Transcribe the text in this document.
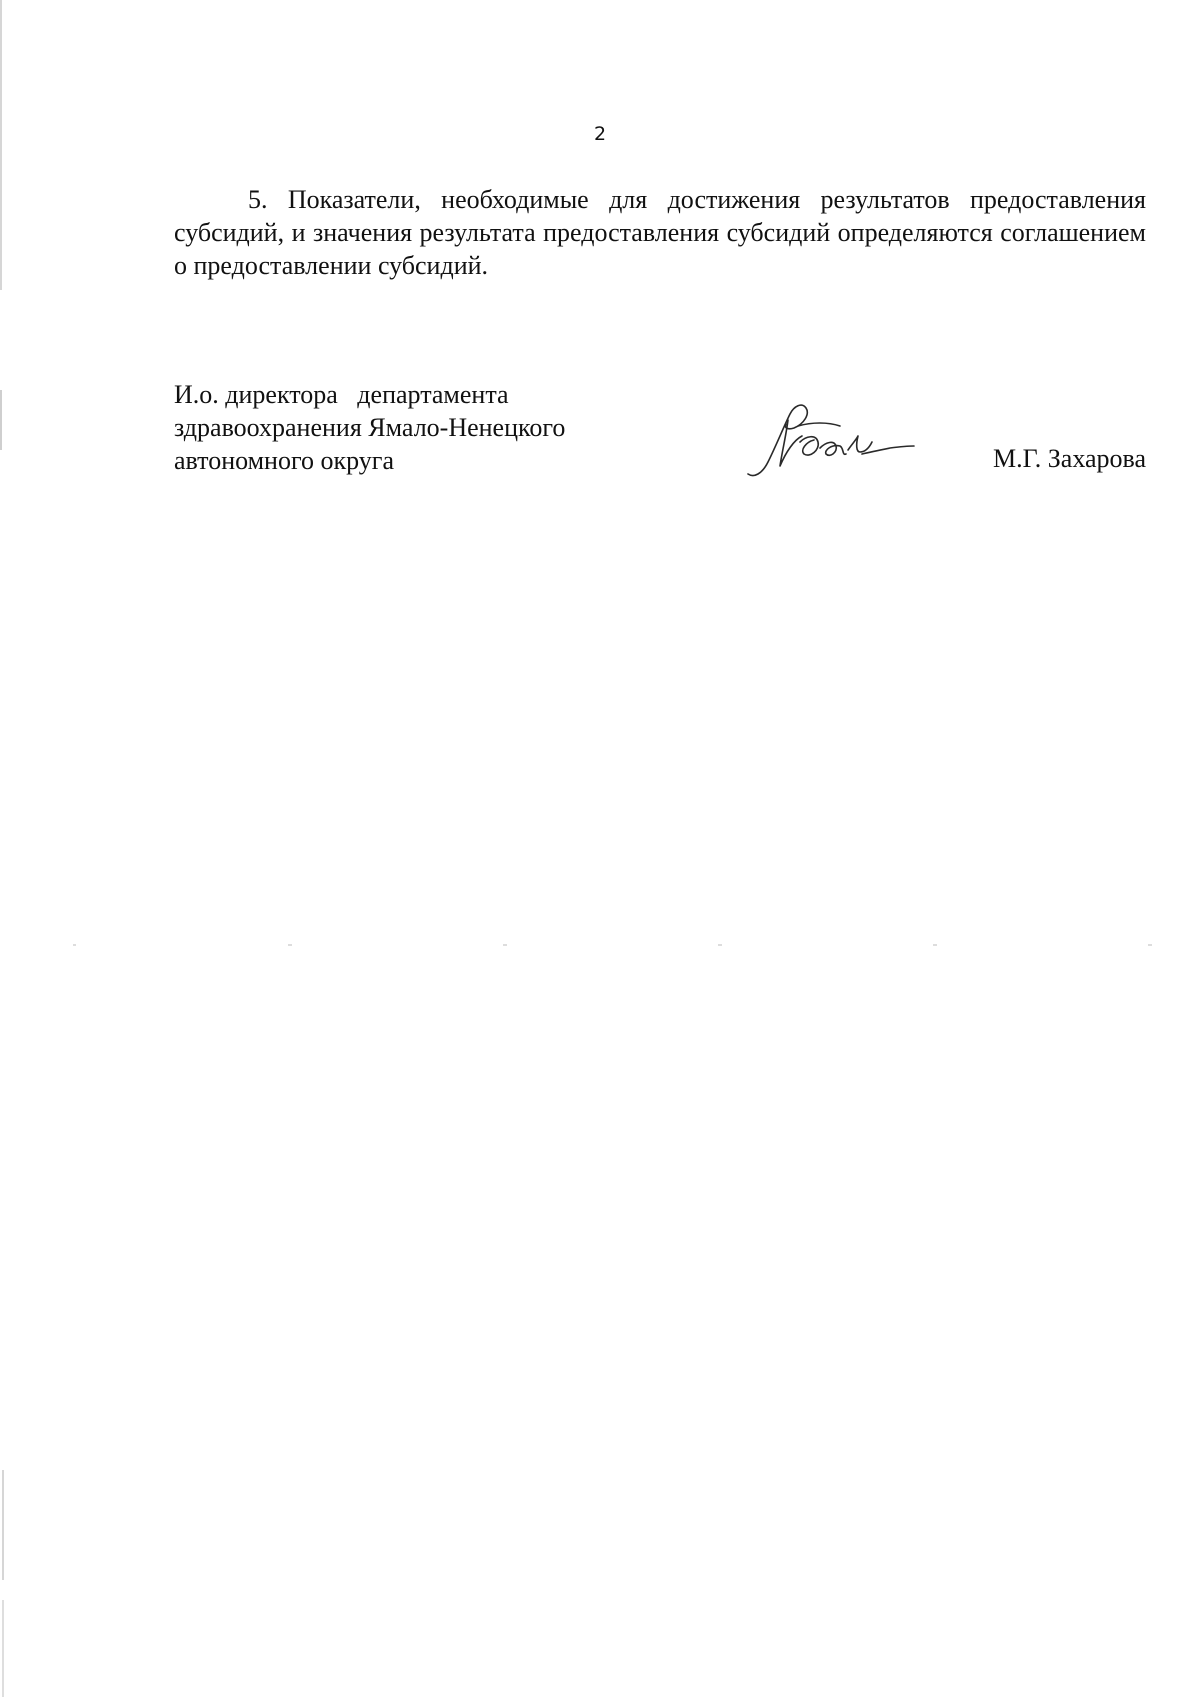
2
5. Показатели, необходимые для достижения результатов предоставления субсидий, и значения результата предоставления субсидий определяются соглашением о предоставлении субсидий.
И.о. директора   департамента
здравоохранения Ямало-Ненецкого
автономного округа	М.Г. Захарова
